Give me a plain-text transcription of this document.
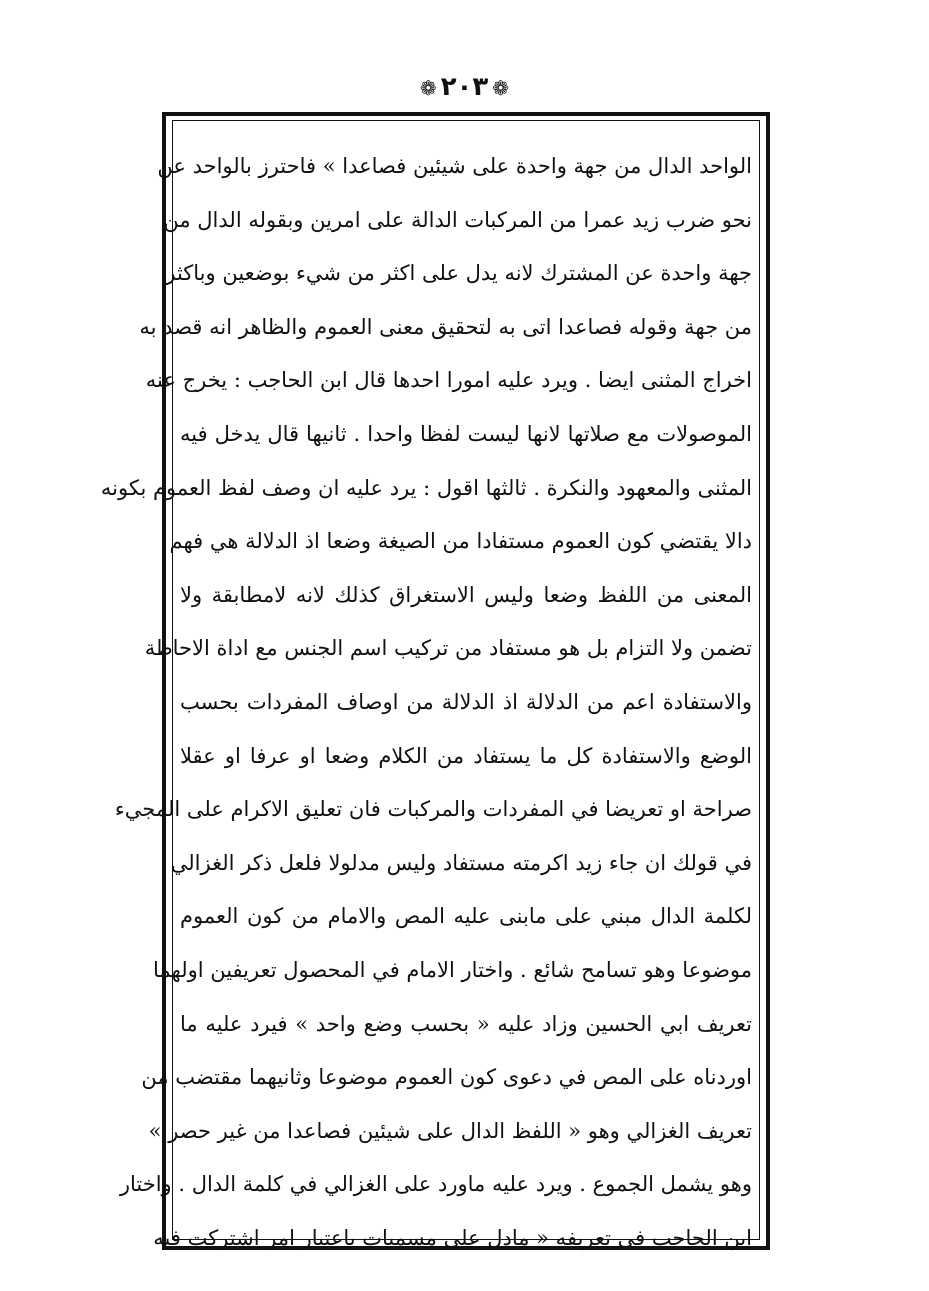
❁٢٠٣❁
الواحد الدال من جهة واحدة على شيئين فصاعدا » فاحترز بالواحد عن
نحو ضرب زيد عمرا من المركبات الدالة على امرين وبقوله الدال من
جهة واحدة عن المشترك لانه يدل على اكثر من شيء بوضعين وباكثر
من جهة وقوله فصاعدا اتى به لتحقيق معنى العموم والظاهر انه قصد به
اخراج المثنى ايضا . ويرد عليه امورا احدها قال ابن الحاجب : يخرج عنه
الموصولات مع صلاتها لانها ليست لفظا واحدا . ثانيها قال يدخل فيه
المثنى والمعهود والنكرة . ثالثها اقول : يرد عليه ان وصف لفظ العموم بكونه
دالا يقتضي كون العموم مستفادا من الصيغة وضعا اذ الدلالة هي فهم
المعنى من اللفظ وضعا وليس الاستغراق كذلك لانه لامطابقة ولا
تضمن ولا التزام بل هو مستفاد من تركيب اسم الجنس مع اداة الاحاطة
والاستفادة اعم من الدلالة اذ الدلالة من اوصاف المفردات بحسب
الوضع والاستفادة كل ما يستفاد من الكلام وضعا او عرفا او عقلا
صراحة او تعريضا في المفردات والمركبات فان تعليق الاكرام على المجيء
في قولك ان جاء زيد اكرمته مستفاد وليس مدلولا فلعل ذكر الغزالي
لكلمة الدال مبني على مابنى عليه المص والامام من كون العموم
موضوعا وهو تسامح شائع . واختار الامام في المحصول تعريفين اولهما
تعريف ابي الحسين وزاد عليه « بحسب وضع واحد » فيرد عليه ما
اوردناه على المص في دعوى كون العموم موضوعا وثانيهما مقتضب من
تعريف الغزالي وهو « اللفظ الدال على شيئين فصاعدا من غير حصر »
وهو يشمل الجموع . ويرد عليه ماورد على الغزالي في كلمة الدال . واختار
ابن الحاجب في تعريفه « مادل على مسميات باعتبار امر اشتركت فيه
